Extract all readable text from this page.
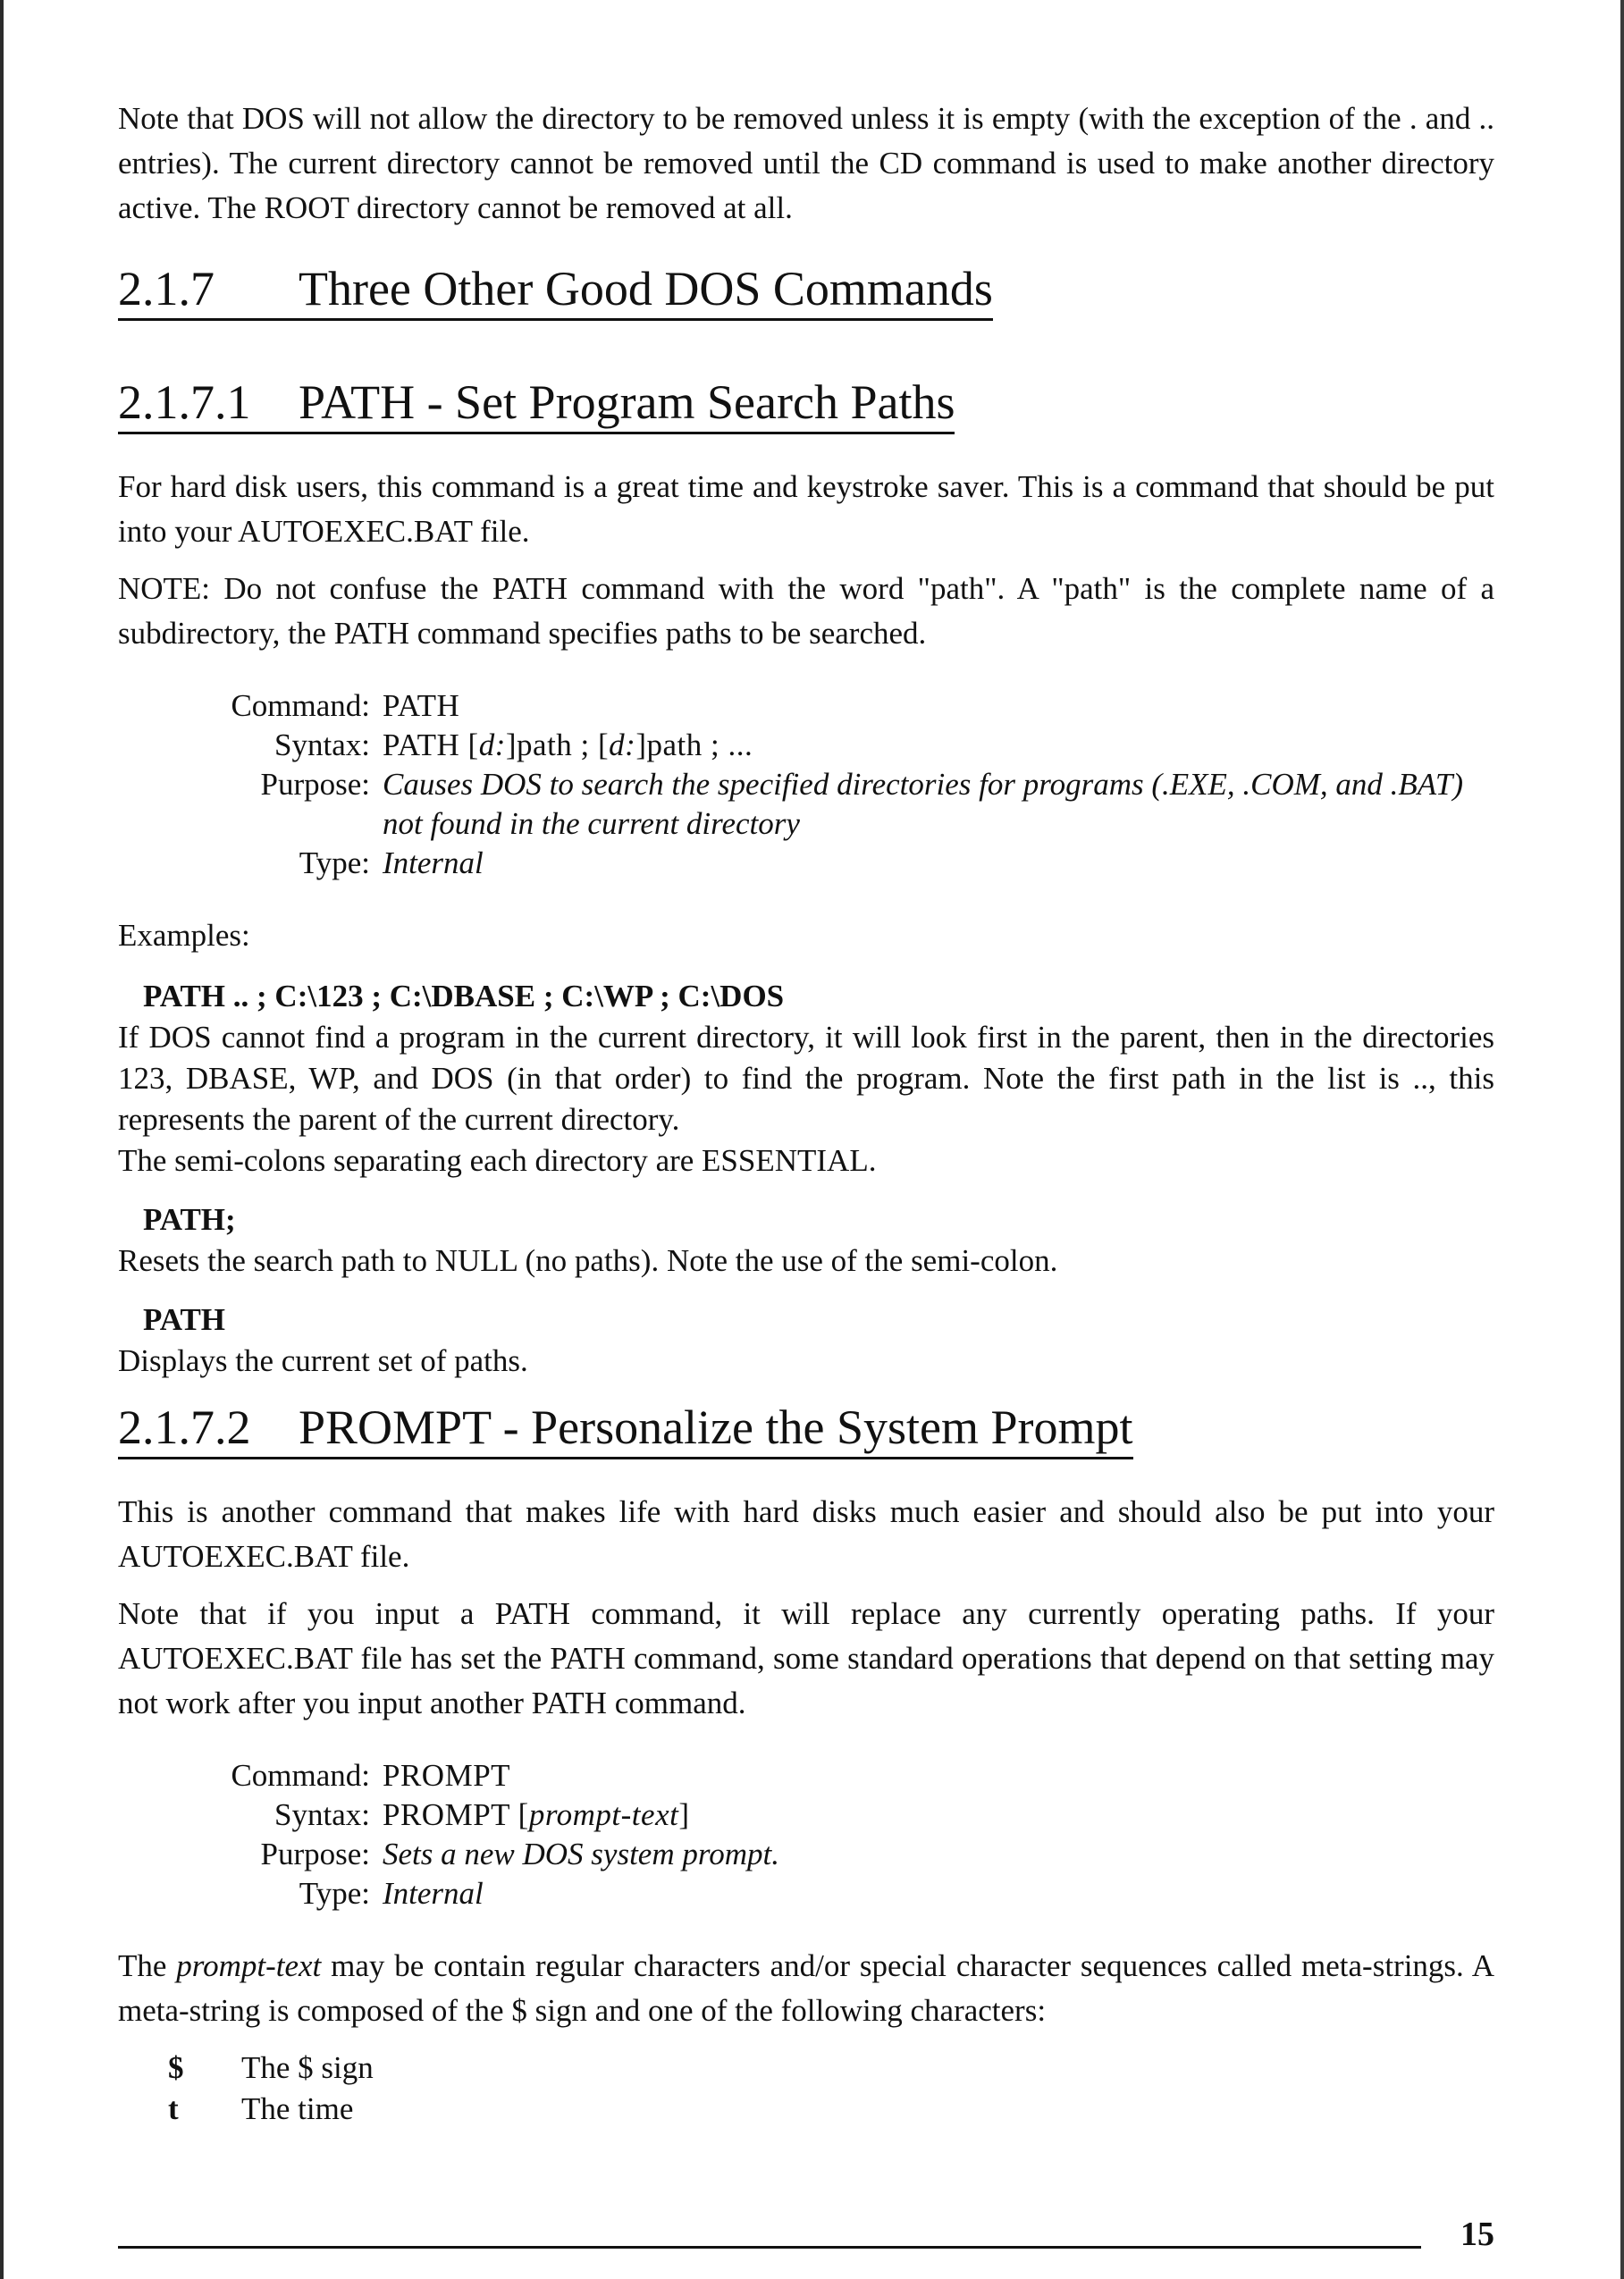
Note that DOS will not allow the directory to be removed unless it is empty (with the exception of the . and .. entries). The current directory cannot be removed until the CD command is used to make another directory active. The ROOT directory cannot be removed at all.

2.1.7 Three Other Good DOS Commands
2.1.7.1 PATH - Set Program Search Paths

For hard disk users, this command is a great time and keystroke saver. This is a command that should be put into your AUTOEXEC.BAT file.

NOTE: Do not confuse the PATH command with the word "path". A "path" is the complete name of a subdirectory, the PATH command specifies paths to be searched.

Command: PATH
Syntax: PATH [d:]path ; [d:]path ; ...
Purpose: Causes DOS to search the specified directories for programs (.EXE, .COM, and .BAT) not found in the current directory
Type: Internal
Examples:
PATH .. ; C:\123 ; C:\DBASE ; C:\WP ; C:\DOS

If DOS cannot find a program in the current directory, it will look first in the parent, then in the directories 123, DBASE, WP, and DOS (in that order) to find the program. Note the first path in the list is .., this represents the parent of the current directory.

The semi-colons separating each directory are ESSENTIAL.

PATH;

Resets the search path to NULL (no paths). Note the use of the semi-colon.

PATH

Displays the current set of paths.

2.1.7.2 PROMPT - Personalize the System Prompt

This is another command that makes life with hard disks much easier and should also be put into your AUTOEXEC.BAT file.

Note that if you input a PATH command, it will replace any currently operating paths. If your AUTOEXEC.BAT file has set the PATH command, some standard operations that depend on that setting may not work after you input another PATH command.

Command: PROMPT
Syntax: PROMPT [prompt-text]
Purpose: Sets a new DOS system prompt.
Type: Internal

The prompt-text may be contain regular characters and/or special character sequences called meta-strings. A meta-string is composed of the $ sign and one of the following characters:

$	The $ sign
t	The time
15
